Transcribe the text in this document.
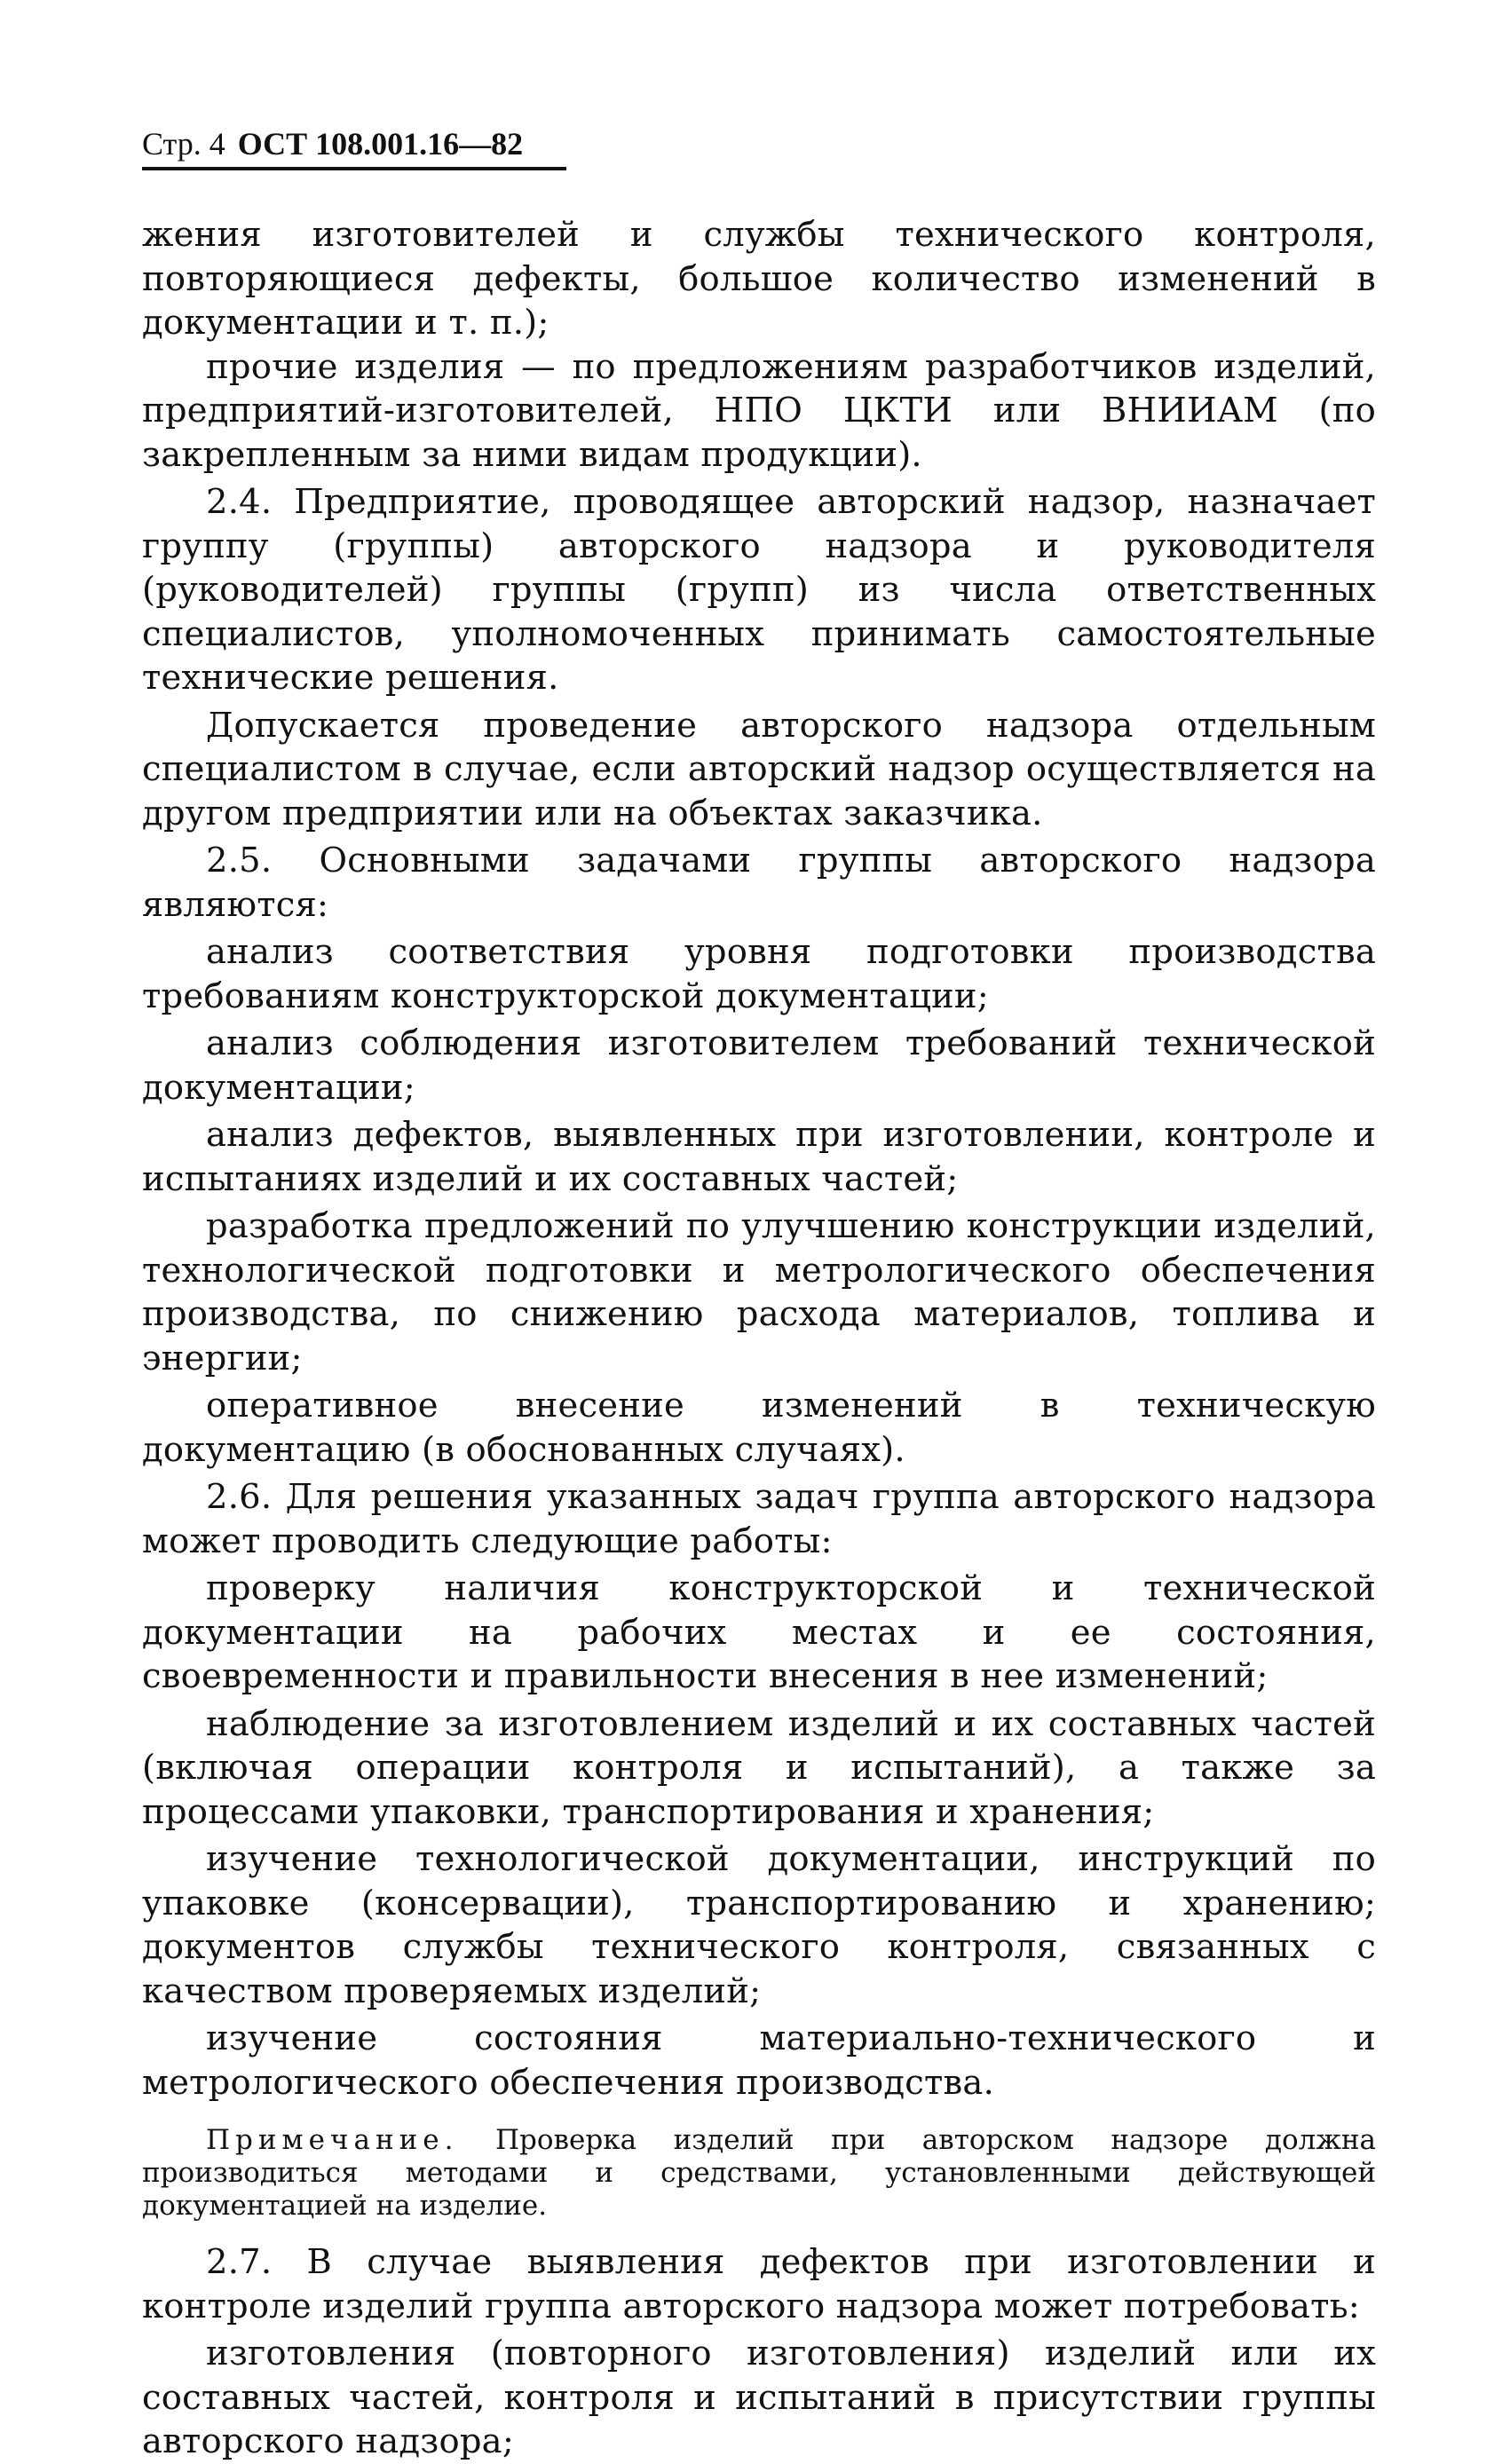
Стр. 4 ОСТ 108.001.16—82

жения изготовителей и службы технического контроля, повторяющиеся дефекты, большое количество изменений в документации и т. п.);

прочие изделия — по предложениям разработчиков изделий, предприятий-изготовителей, НПО ЦКТИ или ВНИИАМ (по закрепленным за ними видам продукции).

2.4. Предприятие, проводящее авторский надзор, назначает группу (группы) авторского надзора и руководителя (руководителей) группы (групп) из числа ответственных специалистов, уполномоченных принимать самостоятельные технические решения.

Допускается проведение авторского надзора отдельным специалистом в случае, если авторский надзор осуществляется на другом предприятии или на объектах заказчика.

2.5. Основными задачами группы авторского надзора являются:

анализ соответствия уровня подготовки производства требованиям конструкторской документации;

анализ соблюдения изготовителем требований технической документации;

анализ дефектов, выявленных при изготовлении, контроле и испытаниях изделий и их составных частей;

разработка предложений по улучшению конструкции изделий, технологической подготовки и метрологического обеспечения производства, по снижению расхода материалов, топлива и энергии;

оперативное внесение изменений в техническую документацию (в обоснованных случаях).

2.6. Для решения указанных задач группа авторского надзора может проводить следующие работы:

проверку наличия конструкторской и технической документации на рабочих местах и ее состояния, своевременности и правильности внесения в нее изменений;

наблюдение за изготовлением изделий и их составных частей (включая операции контроля и испытаний), а также за процессами упаковки, транспортирования и хранения;

изучение технологической документации, инструкций по упаковке (консервации), транспортированию и хранению; документов службы технического контроля, связанных с качеством проверяемых изделий;

изучение состояния материально-технического и метрологического обеспечения производства.

Примечание. Проверка изделий при авторском надзоре должна производиться методами и средствами, установленными действующей документацией на изделие.

2.7. В случае выявления дефектов при изготовлении и контроле изделий группа авторского надзора может потребовать:

изготовления (повторного изготовления) изделий или их составных частей, контроля и испытаний в присутствии группы авторского надзора;
